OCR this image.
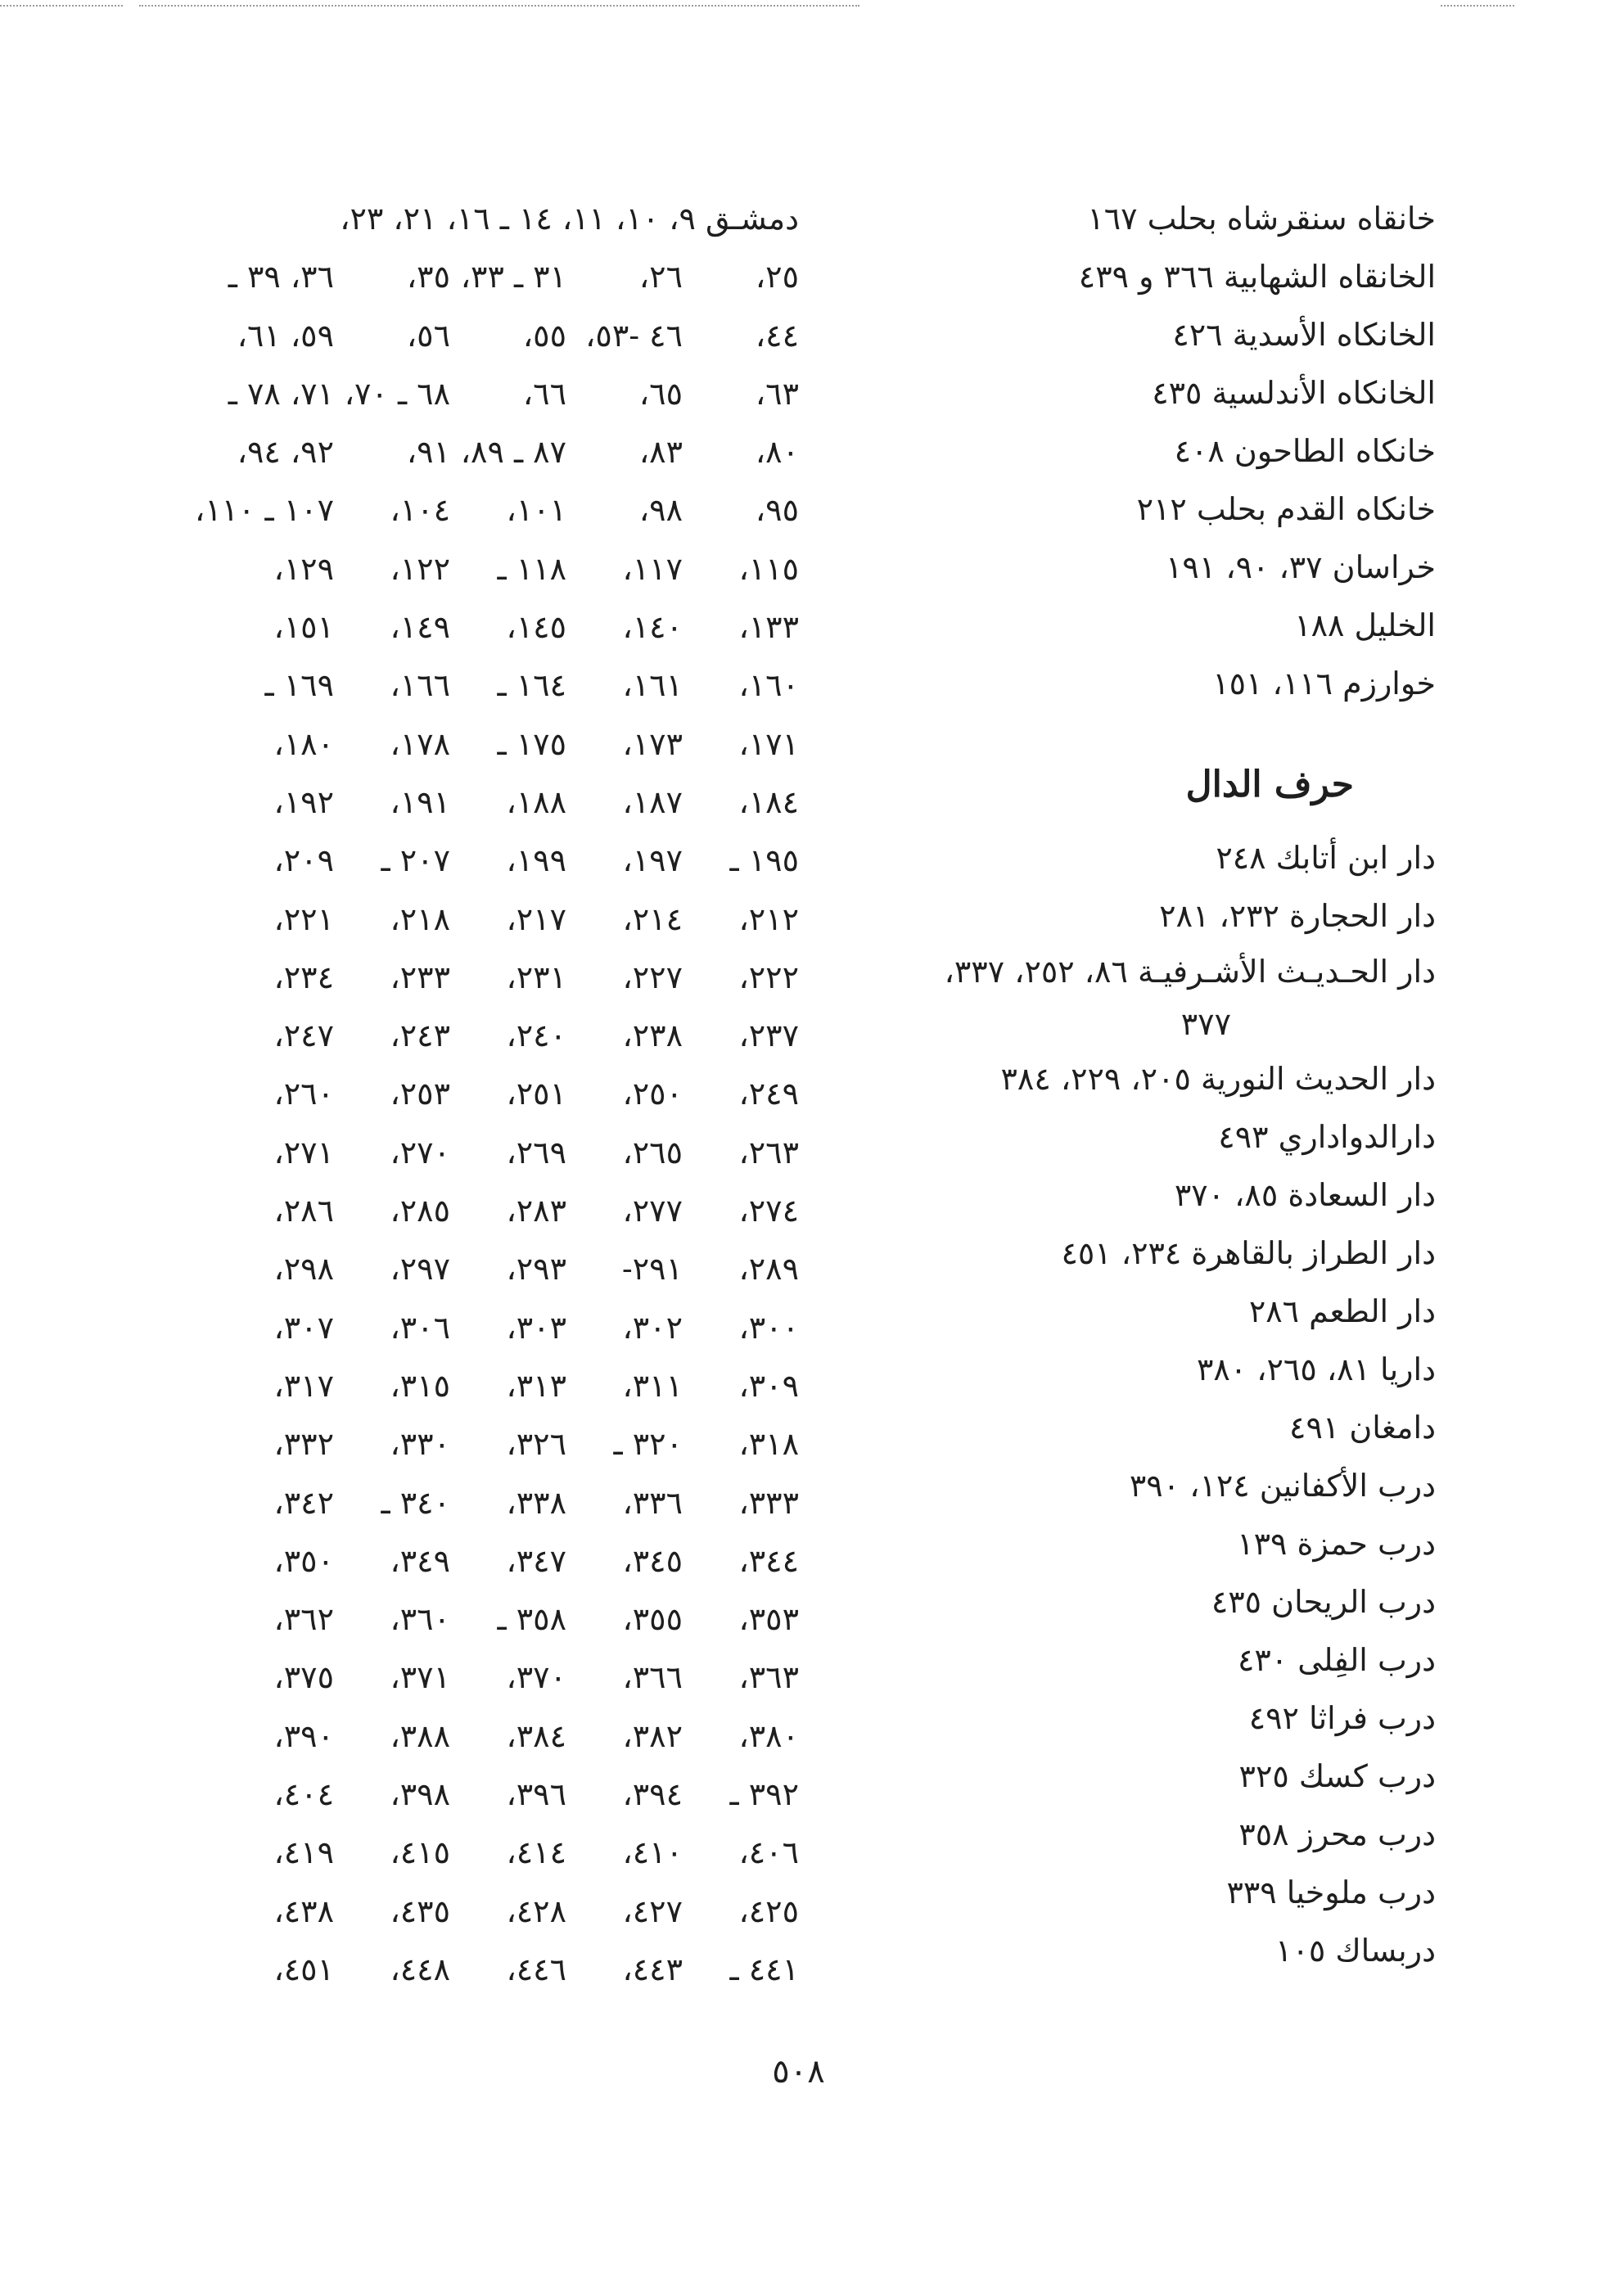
خانقاه سنقرشاه بحلب ١٦٧
الخانقاه الشهابية ٣٦٦ و ٤٣٩
الخانكاه الأسدية ٤٢٦
الخانكاه الأندلسية ٤٣٥
خانكاه الطاحون ٤٠٨
خانكاه القدم بحلب ٢١٢
خراسان ٣٧، ٩٠، ١٩١
الخليل ١٨٨
خوارزم ١١٦، ١٥١
حرف الدال
دار ابن أتابك ٢٤٨
دار الحجارة ٢٣٢، ٢٨١
دار الحـديـث الأشـرفيـة ٨٦، ٢٥٢، ٣٣٧،
٣٧٧
دار الحديث النورية ٢٠٥، ٢٢٩، ٣٨٤
دارالدواداري ٤٩٣
دار السعادة ٨٥، ٣٧٠
دار الطراز بالقاهرة ٢٣٤، ٤٥١
دار الطعم ٢٨٦
داريا ٨١، ٢٦٥، ٣٨٠
دامغان ٤٩١
درب الأكفانين ١٢٤، ٣٩٠
درب حمزة ١٣٩
درب الريحان ٤٣٥
درب الفِلى ٤٣٠
درب فراثا ٤٩٢
درب كسك ٣٢٥
درب محرز ٣٥٨
درب ملوخيا ٣٣٩
دربساك ١٠٥
دمشـق ٩، ١٠، ١١، ١٤ ـ ١٦، ٢١، ٢٣،
٢٥،٢٦،٣١ ـ ٣٣،٣٥،٣٦، ٣٩ ـ
٤٤،٤٦ -٥٣،٥٥،٥٦،٥٩، ٦١،
٦٣،٦٥،٦٦،٦٨ ـ ٧٠،٧١، ٧٨ ـ
٨٠،٨٣،٨٧ ـ ٨٩،٩١،٩٢، ٩٤،
٩٥،٩٨،١٠١،١٠٤،١٠٧ ـ ١١٠،
١١٥،١١٧،١١٨ ـ١٢٢،١٢٩،
١٣٣،١٤٠،١٤٥،١٤٩،١٥١،
١٦٠،١٦١،١٦٤ ـ١٦٦،١٦٩ ـ
١٧١،١٧٣،١٧٥ ـ١٧٨،١٨٠،
١٨٤،١٨٧،١٨٨،١٩١،١٩٢،
١٩٥ ـ١٩٧،١٩٩،٢٠٧ ـ٢٠٩،
٢١٢،٢١٤،٢١٧،٢١٨،٢٢١،
٢٢٢،٢٢٧،٢٣١،٢٣٣،٢٣٤،
٢٣٧،٢٣٨،٢٤٠،٢٤٣،٢٤٧،
٢٤٩،٢٥٠،٢٥١،٢٥٣،٢٦٠،
٢٦٣،٢٦٥،٢٦٩،٢٧٠،٢٧١،
٢٧٤،٢٧٧،٢٨٣،٢٨٥،٢٨٦،
٢٨٩،٢٩١-٢٩٣،٢٩٧،٢٩٨،
٣٠٠،٣٠٢،٣٠٣،٣٠٦،٣٠٧،
٣٠٩،٣١١،٣١٣،٣١٥،٣١٧،
٣١٨،٣٢٠ ـ٣٢٦،٣٣٠،٣٣٢،
٣٣٣،٣٣٦،٣٣٨،٣٤٠ ـ٣٤٢،
٣٤٤،٣٤٥،٣٤٧،٣٤٩،٣٥٠،
٣٥٣،٣٥٥،٣٥٨ ـ٣٦٠،٣٦٢،
٣٦٣،٣٦٦،٣٧٠،٣٧١،٣٧٥،
٣٨٠،٣٨٢،٣٨٤،٣٨٨،٣٩٠،
٣٩٢ ـ٣٩٤،٣٩٦،٣٩٨،٤٠٤،
٤٠٦،٤١٠،٤١٤،٤١٥،٤١٩،
٤٢٥،٤٢٧،٤٢٨،٤٣٥،٤٣٨،
٤٤١ ـ٤٤٣،٤٤٦،٤٤٨،٤٥١،
٥٠٨
